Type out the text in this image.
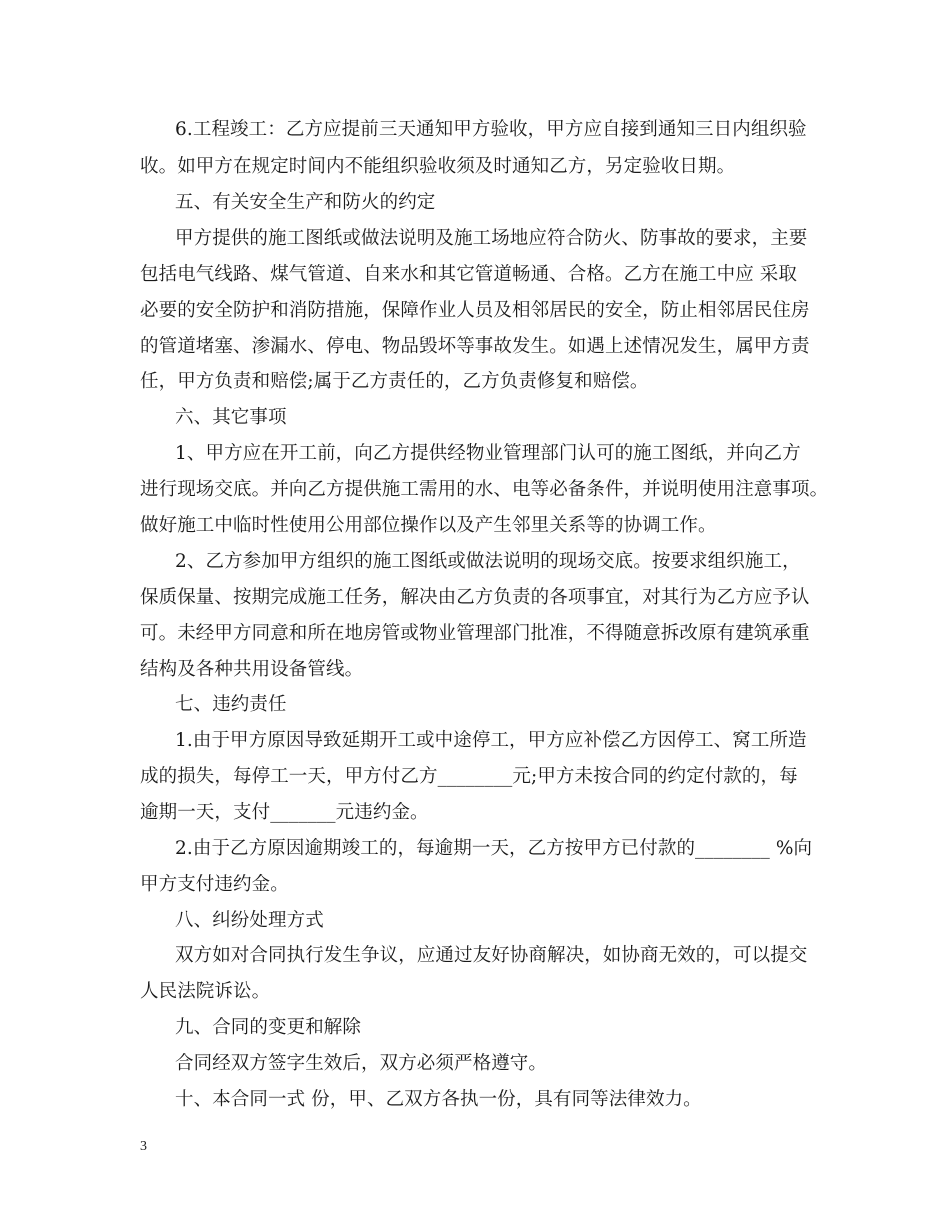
6.工程竣工：乙方应提前三天通知甲方验收，甲方应自接到通知三日内组织验
收。如甲方在规定时间内不能组织验收须及时通知乙方，另定验收日期。
五、有关安全生产和防火的约定
甲方提供的施工图纸或做法说明及施工场地应符合防火、防事故的要求，主要
包括电气线路、煤气管道、自来水和其它管道畅通、合格。乙方在施工中应 采取
必要的安全防护和消防措施，保障作业人员及相邻居民的安全，防止相邻居民住房
的管道堵塞、渗漏水、停电、物品毁坏等事故发生。如遇上述情况发生，属甲方责
任，甲方负责和赔偿;属于乙方责任的，乙方负责修复和赔偿。
六、其它事项
1、甲方应在开工前，向乙方提供经物业管理部门认可的施工图纸，并向乙方
进行现场交底。并向乙方提供施工需用的水、电等必备条件，并说明使用注意事项。
做好施工中临时性使用公用部位操作以及产生邻里关系等的协调工作。
2、乙方参加甲方组织的施工图纸或做法说明的现场交底。按要求组织施工，
保质保量、按期完成施工任务，解决由乙方负责的各项事宜，对其行为乙方应予认
可。未经甲方同意和所在地房管或物业管理部门批准，不得随意拆改原有建筑承重
结构及各种共用设备管线。
七、违约责任
1.由于甲方原因导致延期开工或中途停工，甲方应补偿乙方因停工、窝工所造
成的损失，每停工一天，甲方付乙方________元;甲方未按合同的约定付款的，每
逾期一天，支付_______元违约金。
2.由于乙方原因逾期竣工的，每逾期一天，乙方按甲方已付款的________ %向
甲方支付违约金。
八、纠纷处理方式
双方如对合同执行发生争议，应通过友好协商解决，如协商无效的，可以提交
人民法院诉讼。
九、合同的变更和解除
合同经双方签字生效后，双方必须严格遵守。
十、本合同一式 份，甲、乙双方各执一份，具有同等法律效力。
3
